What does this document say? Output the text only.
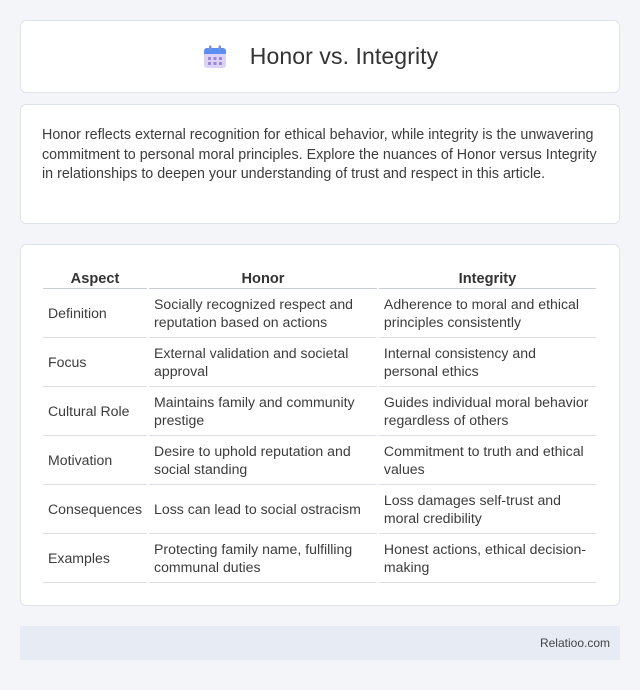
Honor vs. Integrity

Honor reflects external recognition for ethical behavior, while integrity is the unwavering commitment to personal moral principles. Explore the nuances of Honor versus Integrity in relationships to deepen your understanding of trust and respect in this article.

Aspect	Honor	Integrity
Definition	Socially recognized respect and reputation based on actions	Adherence to moral and ethical principles consistently
Focus	External validation and societal approval	Internal consistency and personal ethics
Cultural Role	Maintains family and community prestige	Guides individual moral behavior regardless of others
Motivation	Desire to uphold reputation and social standing	Commitment to truth and ethical values
Consequences	Loss can lead to social ostracism	Loss damages self-trust and moral credibility
Examples	Protecting family name, fulfilling communal duties	Honest actions, ethical decision-making
Relatioo.com
